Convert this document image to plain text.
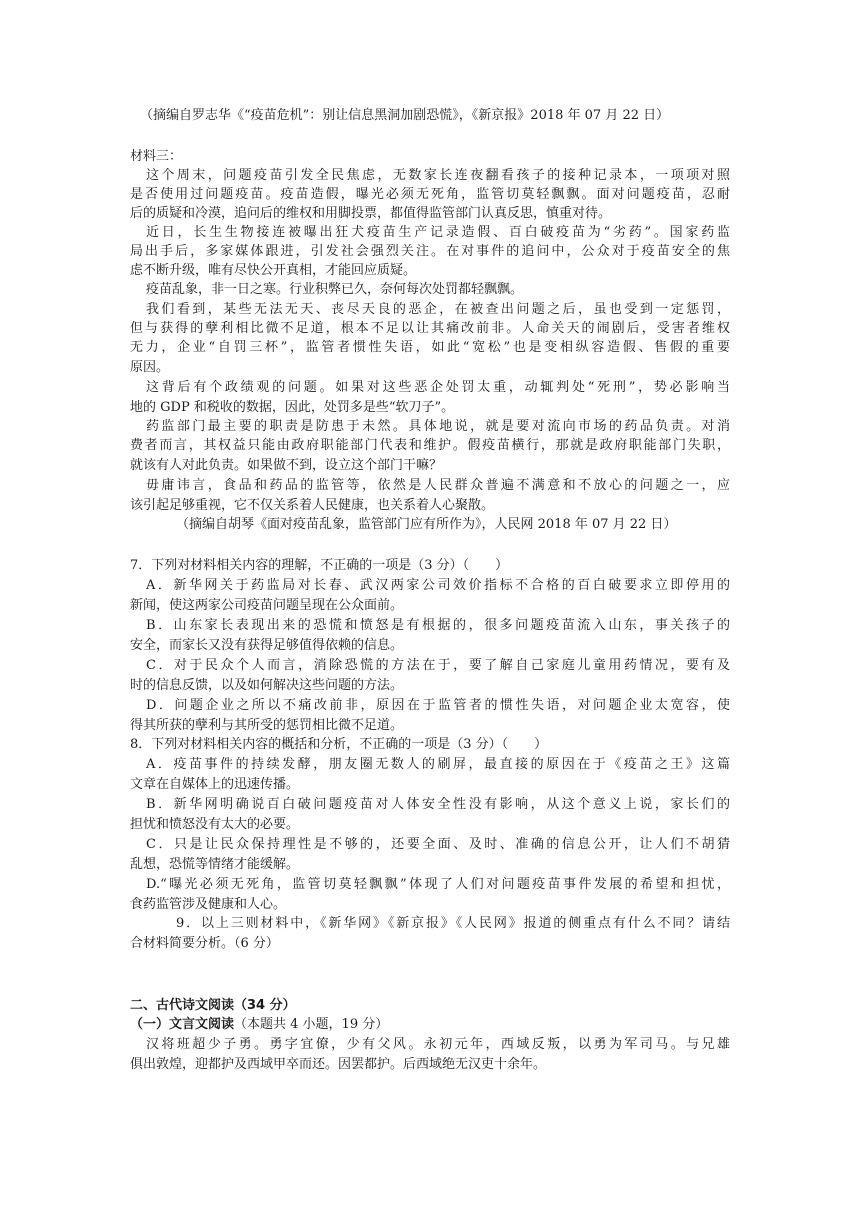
（摘编自罗志华《“疫苗危机”：别让信息黑洞加剧恐慌》，《新京报》2018 年 07 月 22 日）
材料三：
这个周末，问题疫苗引发全民焦虑，无数家长连夜翻看孩子的接种记录本，一项项对照
是否使用过问题疫苗。疫苗造假，曝光必须无死角，监管切莫轻飘飘。面对问题疫苗，忍耐
后的质疑和冷漠，追问后的维权和用脚投票，都值得监管部门认真反思，慎重对待。
近日，长生生物接连被曝出狂犬疫苗生产记录造假、百白破疫苗为“劣药”。国家药监
局出手后，多家媒体跟进，引发社会强烈关注。在对事件的追问中，公众对于疫苗安全的焦
虑不断升级，唯有尽快公开真相，才能回应质疑。
疫苗乱象，非一日之寒。行业积弊已久，奈何每次处罚都轻飘飘。
我们看到，某些无法无天、丧尽天良的恶企，在被查出问题之后，虽也受到一定惩罚，
但与获得的孽利相比微不足道，根本不足以让其痛改前非。人命关天的闹剧后，受害者维权
无力，企业“自罚三杯”，监管者惯性失语，如此“宽松”也是变相纵容造假、售假的重要
原因。
这背后有个政绩观的问题。如果对这些恶企处罚太重，动辄判处“死刑”，势必影响当
地的 GDP 和税收的数据，因此，处罚多是些“软刀子”。
药监部门最主要的职责是防患于未然。具体地说，就是要对流向市场的药品负责。对消
费者而言，其权益只能由政府职能部门代表和维护。假疫苗横行，那就是政府职能部门失职，
就该有人对此负责。如果做不到，设立这个部门干嘛？
毋庸讳言，食品和药品的监管等，依然是人民群众普遍不满意和不放心的问题之一，应
该引起足够重视，它不仅关系着人民健康，也关系着人心聚散。
（摘编自胡琴《面对疫苗乱象，监管部门应有所作为》，人民网 2018 年 07 月 22 日）
7．下列对材料相关内容的理解，不正确的一项是（3 分）（　　）
A．新华网关于药监局对长春、武汉两家公司效价指标不合格的百白破要求立即停用的
新闻，使这两家公司疫苗问题呈现在公众面前。
B．山东家长表现出来的恐慌和愤怒是有根据的，很多问题疫苗流入山东，事关孩子的
安全，而家长又没有获得足够值得依赖的信息。
C．对于民众个人而言，消除恐慌的方法在于，要了解自己家庭儿童用药情况，要有及
时的信息反馈，以及如何解决这些问题的方法。
D．问题企业之所以不痛改前非，原因在于监管者的惯性失语，对问题企业太宽容，使
得其所获的孽利与其所受的惩罚相比微不足道。
8．下列对材料相关内容的概括和分析，不正确的一项是（3 分）（　　）
A．疫苗事件的持续发酵，朋友圈无数人的刷屏，最直接的原因在于《疫苗之王》这篇
文章在自媒体上的迅速传播。
B．新华网明确说百白破问题疫苗对人体安全性没有影响，从这个意义上说，家长们的
担忧和愤怒没有太大的必要。
C．只是让民众保持理性是不够的，还要全面、及时、准确的信息公开，让人们不胡猜
乱想，恐慌等情绪才能缓解。
D.“曝光必须无死角，监管切莫轻飘飘”体现了人们对问题疫苗事件发展的希望和担忧，
食药监管涉及健康和人心。
9．以上三则材料中，《新华网》《新京报》《人民网》报道的侧重点有什么不同？请结
合材料简要分析。（6 分）
二、古代诗文阅读（34 分）
（一）文言文阅读（本题共 4 小题，19 分）
汉将班超少子勇。勇字宜僚，少有父风。永初元年，西域反叛，以勇为军司马。与兄雄
俱出敦煌，迎都护及西域甲卒而还。因罢都护。后西域绝无汉吏十余年。
